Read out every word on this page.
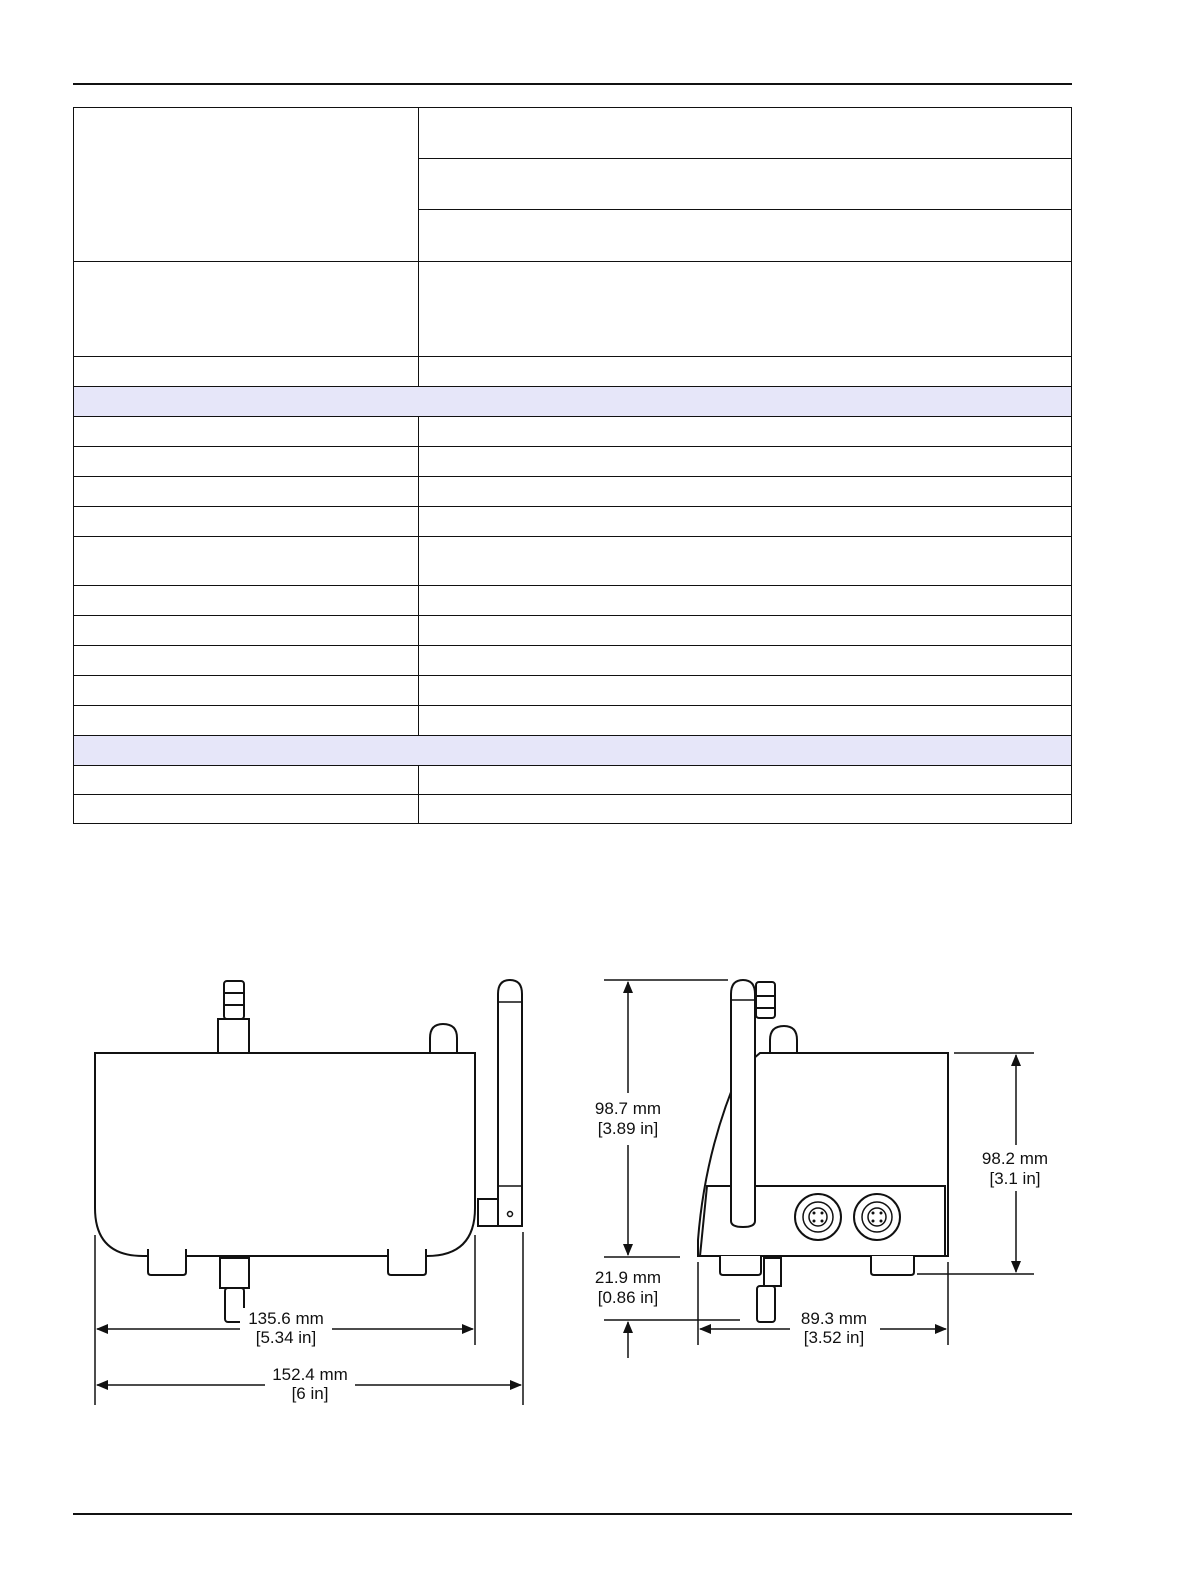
135.6 mm
[5.34 in]
152.4 mm
[6 in]
98.7 mm
[3.89 in]
21.9 mm
[0.86 in]
98.2 mm
[3.1 in]
89.3 mm
[3.52 in]
